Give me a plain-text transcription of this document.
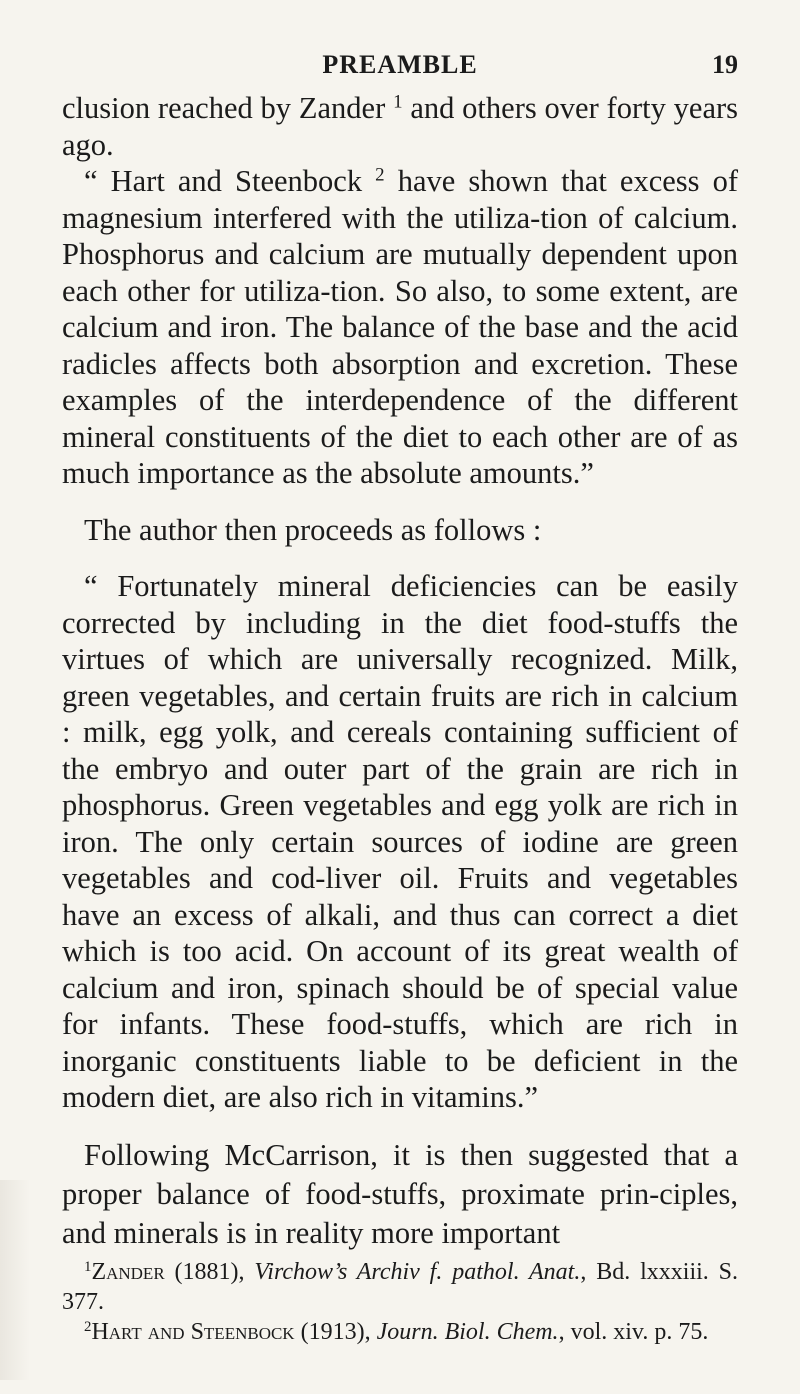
PREAMBLE	19

clusion reached by Zander $^1$ and others over forty years ago.

“ Hart and Steenbock $^2$ have shown that excess of magnesium interfered with the utiliza-tion of calcium. Phosphorus and calcium are mutually dependent upon each other for utiliza-tion. So also, to some extent, are calcium and iron. The balance of the base and the acid radicles affects both absorption and excretion. These examples of the interdependence of the different mineral constituents of the diet to each other are of as much importance as the absolute amounts.”

The author then proceeds as follows :

“ Fortunately mineral deficiencies can be easily corrected by including in the diet food-stuffs the virtues of which are universally recognized. Milk, green vegetables, and certain fruits are rich in calcium : milk, egg yolk, and cereals containing sufficient of the embryo and outer part of the grain are rich in phosphorus. Green vegetables and egg yolk are rich in iron. The only certain sources of iodine are green vegetables and cod-liver oil. Fruits and vegetables have an excess of alkali, and thus can correct a diet which is too acid. On account of its great wealth of calcium and iron, spinach should be of special value for infants. These food-stuffs, which are rich in inorganic constituents liable to be deficient in the modern diet, are also rich in vitamins.”

Following McCarrison, it is then suggested that a proper balance of food-stuffs, proximate prin-ciples, and minerals is in reality more important

$^1$Zander (1881), Virchow’s Archiv f. pathol. Anat., Bd. lxxxiii. S. 377.

$^2$Hart and Steenbock (1913), Journ. Biol. Chem., vol. xiv. p. 75.
